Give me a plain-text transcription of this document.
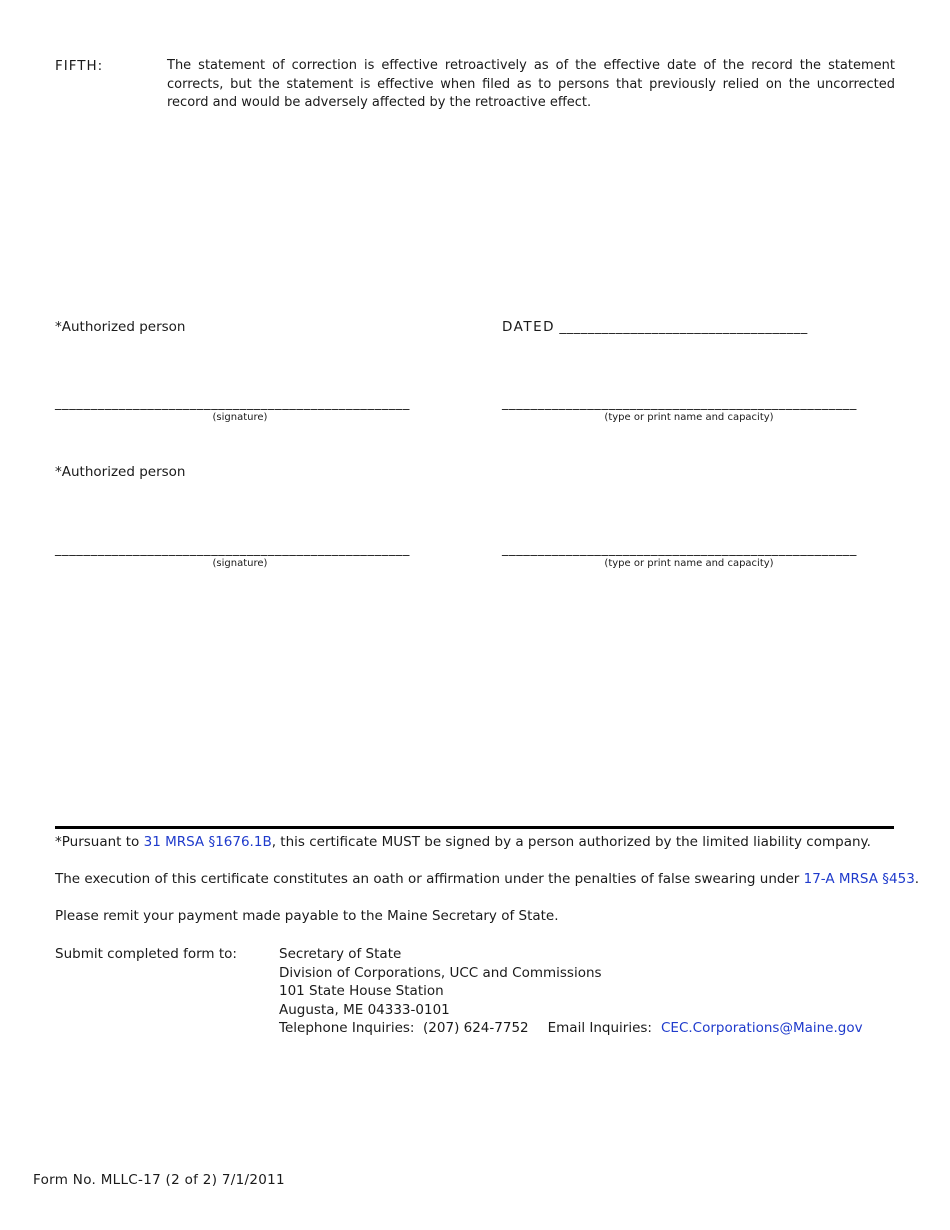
FIFTH:	The statement of correction is effective retroactively as of the effective date of the record the statement corrects, but the statement is effective when filed as to persons that previously relied on the uncorrected record and would be adversely affected by the retroactive effect.
*Authorized person	DATED ___________________________________
__________________________________________________
(signature)
__________________________________________________
(type or print name and capacity)
*Authorized person
__________________________________________________
(signature)
__________________________________________________
(type or print name and capacity)
*Pursuant to 31 MRSA §1676.1B, this certificate MUST be signed by a person authorized by the limited liability company.
The execution of this certificate constitutes an oath or affirmation under the penalties of false swearing under 17-A MRSA §453.
Please remit your payment made payable to the Maine Secretary of State.
Submit completed form to:	Secretary of State
Division of Corporations, UCC and Commissions
101 State House Station
Augusta, ME 04333-0101
Telephone Inquiries:  (207) 624-7752 Email Inquiries: CEC.Corporations@Maine.gov
Form No. MLLC-17 (2 of 2) 7/1/2011
